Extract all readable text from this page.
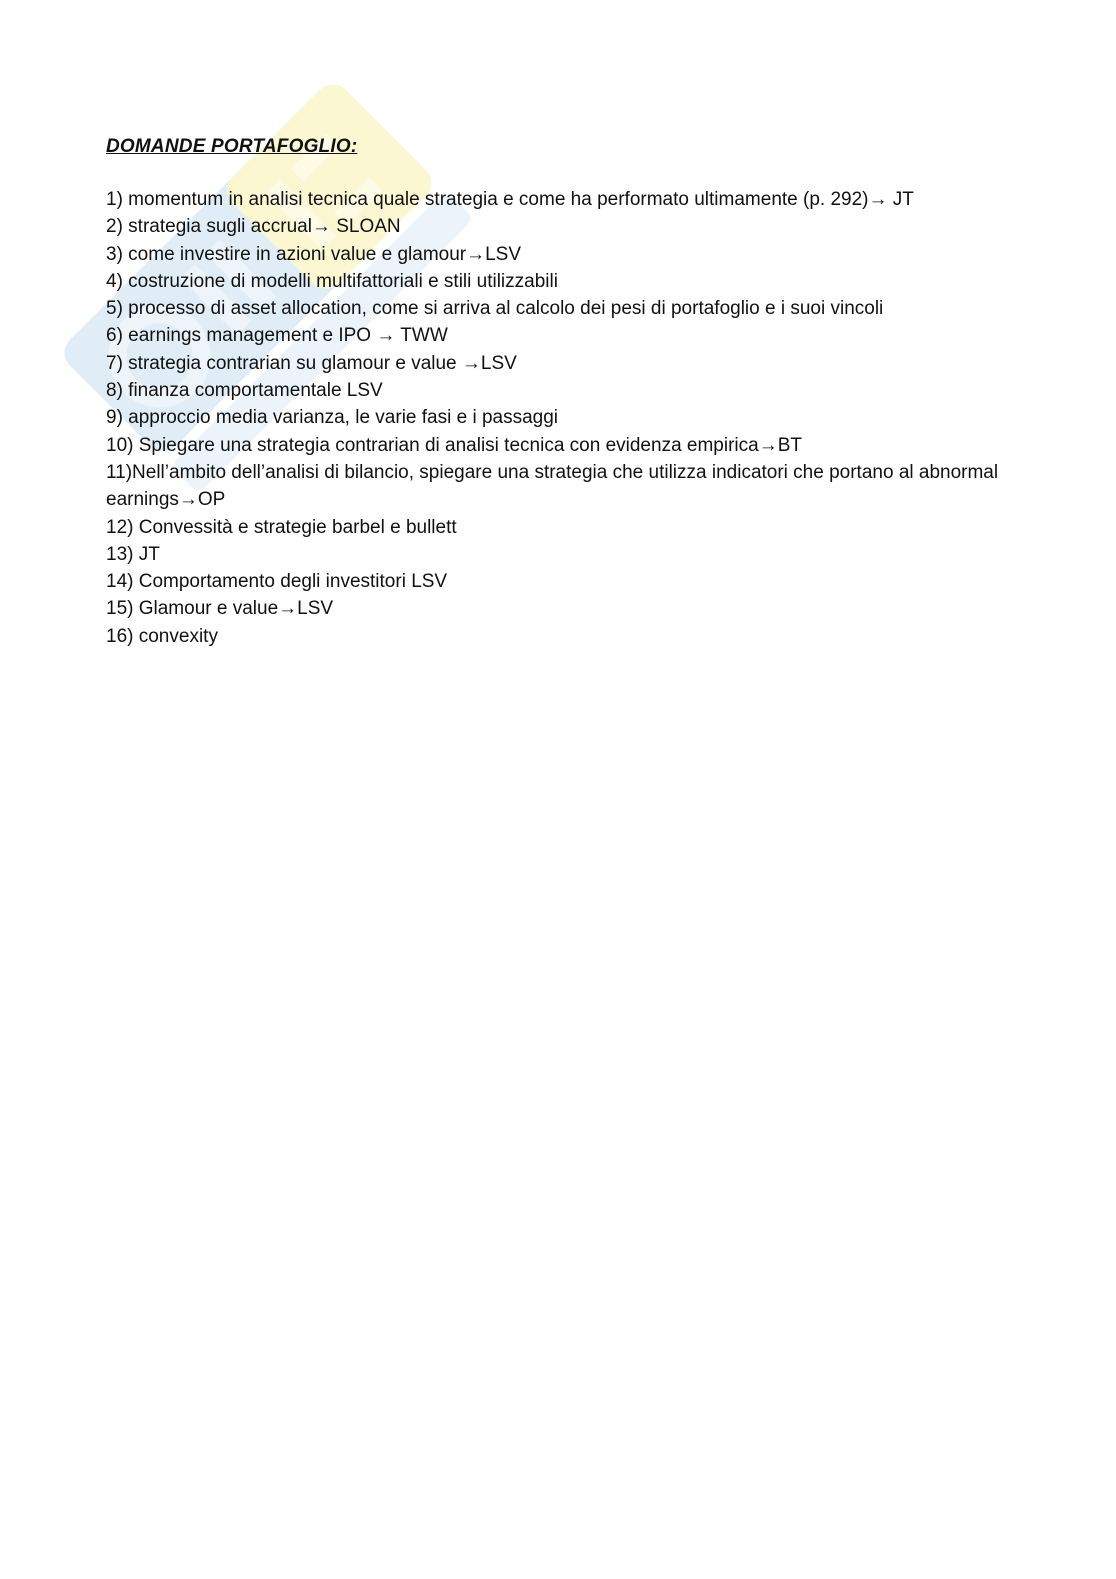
DOMANDE PORTAFOGLIO:
1) momentum in analisi tecnica quale strategia e come ha performato ultimamente (p. 292)→ JT
2) strategia sugli accrual→ SLOAN
3) come investire in azioni value e glamour→LSV
4) costruzione di modelli multifattoriali e stili utilizzabili
5) processo di asset allocation, come si arriva al calcolo dei pesi di portafoglio e i suoi vincoli
6) earnings management e IPO → TWW
7) strategia contrarian su glamour e value →LSV
8) finanza comportamentale LSV
9) approccio media varianza, le varie fasi e i passaggi
10) Spiegare una strategia contrarian di analisi tecnica con evidenza empirica→BT
11)Nell’ambito dell’analisi di bilancio, spiegare una strategia che utilizza indicatori che portano al abnormal earnings→OP
12) Convessità e strategie barbel e bullett
13) JT
14) Comportamento degli investitori LSV
15) Glamour e value→LSV
16) convexity
